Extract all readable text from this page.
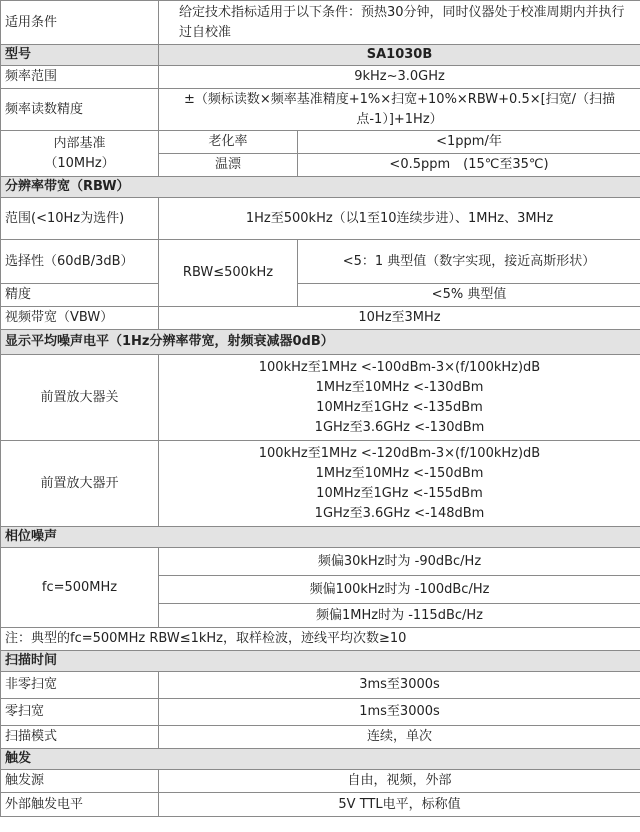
适用条件	给定技术指标适用于以下条件：预热30分钟，同时仪器处于校准周期内并执行过自校准	
型号	SA1030B	
频率范围	9kHz~3.0GHz	
频率读数精度	±（频标读数×频率基准精度+1%×扫宽+10%×RBW+0.5×[扫宽/（扫描点-1）]+1Hz）	
内部基准（10MHz）	老化率	<1ppm/年
	温漂	<0.5ppm　(15℃至35℃)
分辨率带宽（RBW）		
范围(<10Hz为选件)	1Hz至500kHz（以1至10连续步进）、1MHz、3MHz	
选择性（60dB/3dB）	RBW≤500kHz	<5：1 典型值（数字实现，接近高斯形状）
精度		<5% 典型值
视频带宽（VBW）	10Hz至3MHz	
显示平均噪声电平（1Hz分辨率带宽，射频衰减器0dB）		
前置放大器关	100kHz至1MHz <-100dBm-3×(f/100kHz)dB
1MHz至10MHz <-130dBm
10MHz至1GHz <-135dBm
1GHz至3.6GHz <-130dBm	

前置放大器开	100kHz至1MHz <-120dBm-3×(f/100kHz)dB
1MHz至10MHz <-150dBm
10MHz至1GHz <-155dBm
1GHz至3.6GHz <-148dBm	

相位噪声		
fc=500MHz	频偏30kHz时为 -90dBc/Hz	
	频偏100kHz时为 -100dBc/Hz	
	频偏1MHz时为 -115dBc/Hz	
注：典型的fc=500MHz RBW≤1kHz，取样检波，迹线平均次数≥10		
扫描时间		
非零扫宽	3ms至3000s	
零扫宽	1ms至3000s	
扫描模式	连续，单次	
触发		
触发源	自由，视频，外部	
外部触发电平	5V TTL电平，标称值	
